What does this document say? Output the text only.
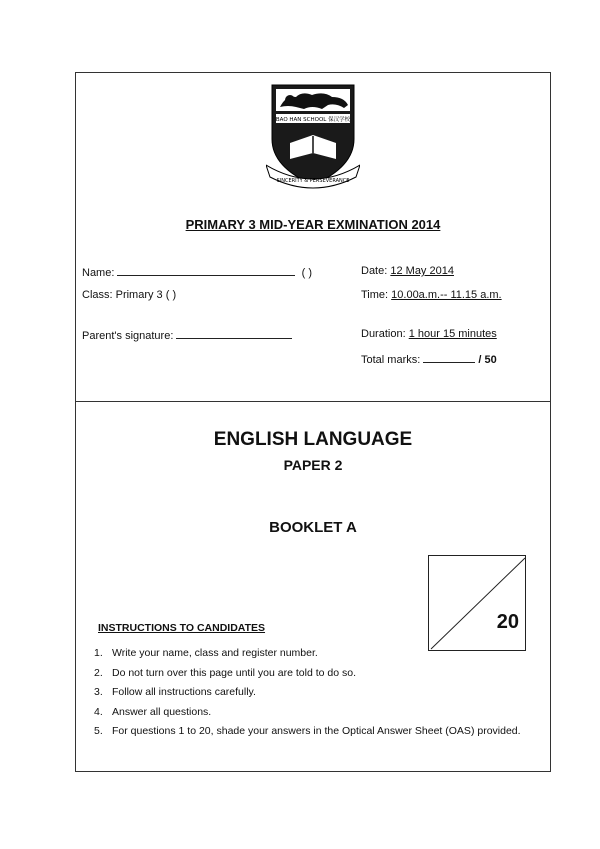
BAO HAN SCHOOL 保汉学校
SINCERITY & PERSEVERANCE
PRIMARY 3 MID-YEAR EXMINATION 2014
Name:	( )
Class: Primary 3 ( )
Parent's signature:
Date: 12 May 2014
Time: 10.00a.m.-- 11.15 a.m.
Duration: 1 hour 15 minutes
Total marks:	/ 50
ENGLISH LANGUAGE
PAPER 2
BOOKLET A
20
INSTRUCTIONS TO CANDIDATES
1. Write your name, class and register number.
2. Do not turn over this page until you are told to do so.
3. Follow all instructions carefully.
4. Answer all questions.
5. For questions 1 to 20, shade your answers in the Optical Answer Sheet (OAS) provided.
